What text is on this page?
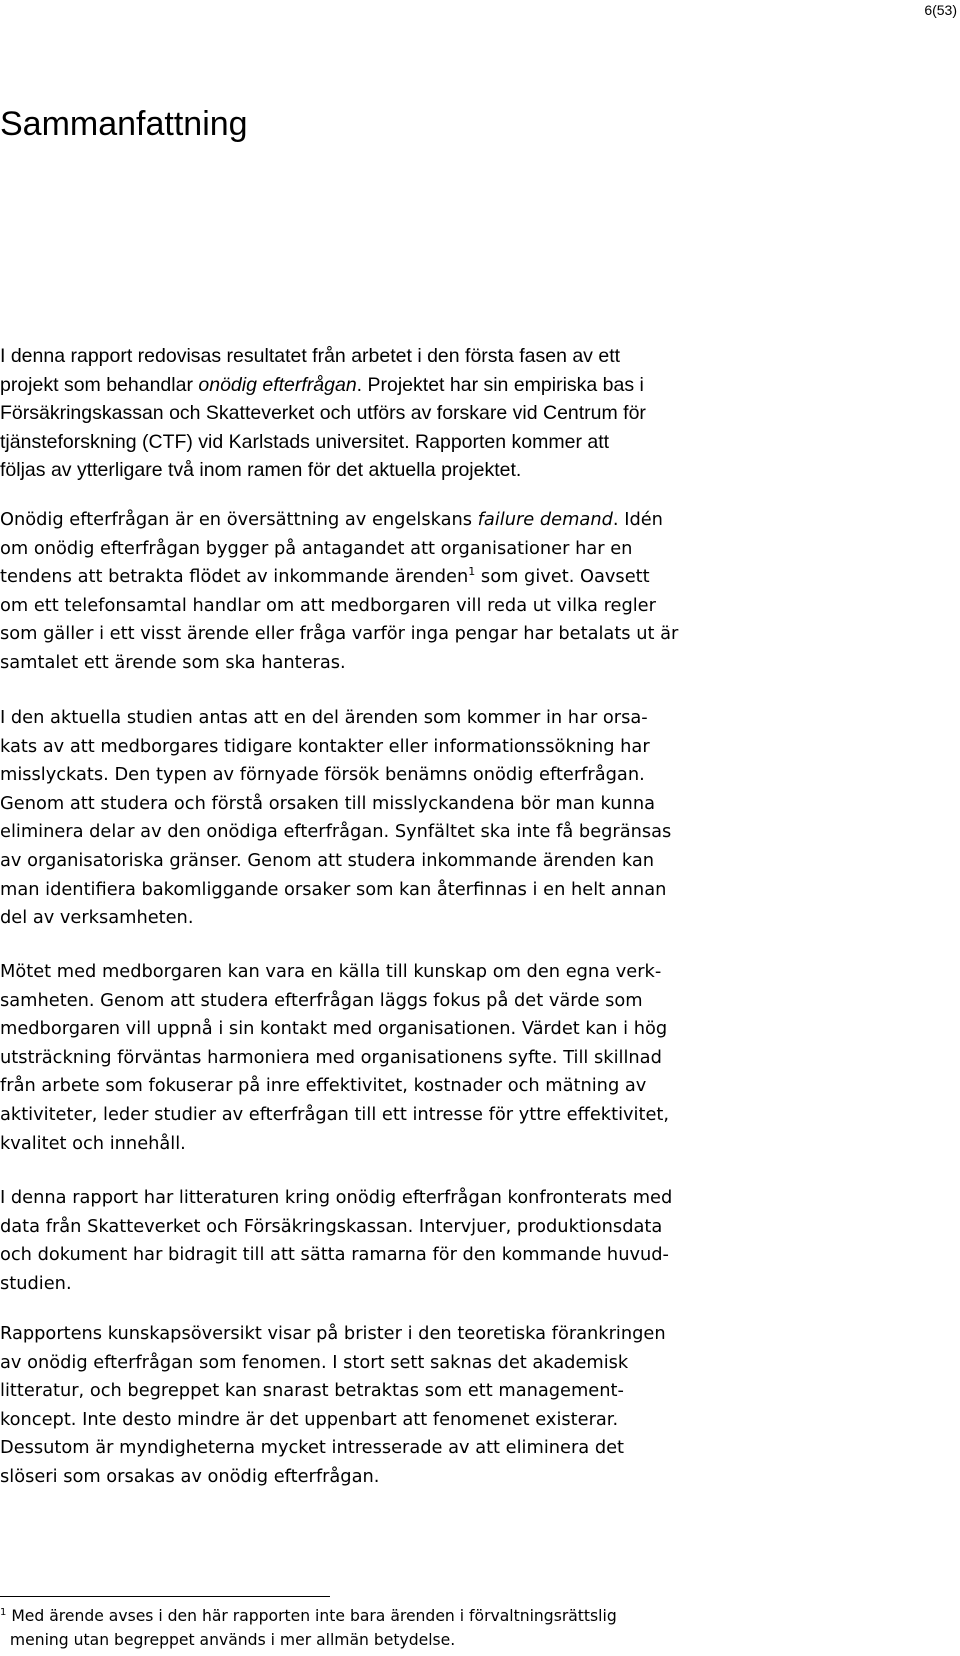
6(53)
Sammanfattning
I denna rapport redovisas resultatet från arbetet i den första fasen av ett
projekt som behandlar onödig efterfrågan. Projektet har sin empiriska bas i
Försäkringskassan och Skatteverket och utförs av forskare vid Centrum för
tjänsteforskning (CTF) vid Karlstads universitet. Rapporten kommer att
följas av ytterligare två inom ramen för det aktuella projektet.
Onödig efterfrågan är en översättning av engelskans failure demand. Idén
om onödig efterfrågan bygger på antagandet att organisationer har en
tendens att betrakta flödet av inkommande ärenden$^1$ som givet. Oavsett
om ett telefonsamtal handlar om att medborgaren vill reda ut vilka regler
som gäller i ett visst ärende eller fråga varför inga pengar har betalats ut är
samtalet ett ärende som ska hanteras.
I den aktuella studien antas att en del ärenden som kommer in har orsa-
kats av att medborgares tidigare kontakter eller informationssökning har
misslyckats. Den typen av förnyade försök benämns onödig efterfrågan.
Genom att studera och förstå orsaken till misslyckandena bör man kunna
eliminera delar av den onödiga efterfrågan. Synfältet ska inte få begränsas
av organisatoriska gränser. Genom att studera inkommande ärenden kan
man identifiera bakomliggande orsaker som kan återfinnas i en helt annan
del av verksamheten.
Mötet med medborgaren kan vara en källa till kunskap om den egna verk-
samheten. Genom att studera efterfrågan läggs fokus på det värde som
medborgaren vill uppnå i sin kontakt med organisationen. Värdet kan i hög
utsträckning förväntas harmoniera med organisationens syfte. Till skillnad
från arbete som fokuserar på inre effektivitet, kostnader och mätning av
aktiviteter, leder studier av efterfrågan till ett intresse för yttre effektivitet,
kvalitet och innehåll.
I denna rapport har litteraturen kring onödig efterfrågan konfronterats med
data från Skatteverket och Försäkringskassan. Intervjuer, produktionsdata
och dokument har bidragit till att sätta ramarna för den kommande huvud-
studien.
Rapportens kunskapsöversikt visar på brister i den teoretiska förankringen
av onödig efterfrågan som fenomen. I stort sett saknas det akademisk
litteratur, och begreppet kan snarast betraktas som ett management-
koncept. Inte desto mindre är det uppenbart att fenomenet existerar.
Dessutom är myndigheterna mycket intresserade av att eliminera det
slöseri som orsakas av onödig efterfrågan.
$^1$ Med ärende avses i den här rapporten inte bara ärenden i förvaltningsrättslig
mening utan begreppet används i mer allmän betydelse.
